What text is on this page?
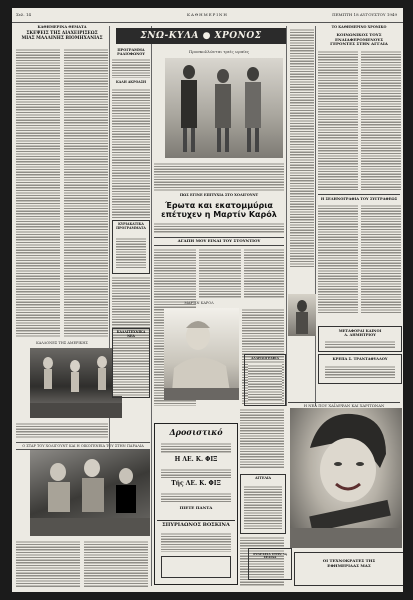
Σελ. 14	ΚΑΘΗΜΕΡΙΝΗ	ΠΕΜΠΤΗ 18 ΑΥΓΟΥΣΤΟΥ 1949
ΚΑΘΗΜΕΡΙΝΑ ΘΕΜΑΤΑ
ΣΚΕΨΕΙΣ ΤΗΣ ΔΙΑΧΕΙΡΙΣΕΩΣ
ΜΙΑΣ ΜΑΛΛΙΝΗΣ ΒΙΟΜΗΧΑΝΙΑΣ
ΚΑΛΛΟΝΕΣ ΤΗΣ ΑΜΕΡΙΚΗΣ
Ο ΣΤΑΡ ΤΟΥ ΧΟΛΙΓΟΥΝΤ ΚΑΙ Η ΟΙΚΟΓΕΝΕΙΑ ΤΟΥ ΣΤΗΝ ΠΑΡΑΛΙΑ
ΣΝΩ-ΚΥΛΑ ● ΧΡΟΝΟΣ
ΠΡΟΓΡΑΜΜΑ
ΡΑΔΙΟΦΩΝΟΥ
ΚΑΛΗ ΑΚΡΟΑΣΗ
ΚΥΡΙΑΚΑΤΙΚΑ ΠΡΟΓΡΑΜΜΑΤΑ
Προσκολλώνται τρείς ωραίες
ΠΩΣ ΕΓΙΝΕ ΕΠΙΤΥΧΙΑ ΣΤΟ ΧΟΛΙΓΟΥΝΤ
Έρωτα και εκατομμύρια
επέτυχεν η Μαρτίν Καρόλ
ΑΓΑΠΗ ΜΟΥ ΕΙΝΑΙ ΤΟΥ ΣΤΟΥΝΤΙΟΥ
ΜΑΡΤΙΝ ΚΑΡΟΛ
ΚΑΛΛΙΤΕΧΝΙΚΑ ΝΕΑ
Δροσιστικό
Η ΛΕ. Κ. ΦΙΞ
Τής ΛΕ. Κ. ΦΙΞ
ΠΙΕΤΕ ΠΑΝΤΑ
ΣΠΥΡΙΔΩΝΟΣ ΒΟΣΚΙΝΑ
ΑΓΓΕΛΙΑ
ΤΟ ΚΑΘΗΜΕΡΙΝΟ ΧΡΟΝΙΚΟ
ΚΟΙΝΩΝΙΚΟΣ ΤΟΥΣ ΕΝΔΙΑΦΕΡΟΜΕΝΟΥΣ
ΓΕΡΟΝΤΕΣ ΣΤΗΝ ΑΓΓΛΙΑ
Η ΣΕΛΗΝΟΓΡΑΦΙΑ ΤΟΥ ΣΥΓΓΡΑΦΕΩΣ
ΜΕΤΑΦΟΡΑΙ ΚΑΙΝΟΙ
Δ. ΔΗΜΗΤΡΙΟΥ
ΚΡΕΠΑ Σ. ΤΡΑΝΤΑΦΥΛΛΟΥ
ΑΛΛΗΛΟΓΡΑΦΙΑ
Η ΝΕΑ ΠΟΥ ΧΑΪΔΕΨΑΝ ΚΑΙ ΧΑΡΙΤΩΝΑΝ
ΣΥΝΕΧΕΙΑ ΣΤΗΝ 3η ΣΕΛΙΔΑ
ΟΙ ΤΕΧΝΟΚΡΑΤΕΣ ΤΗΣ
ΕΦΗΜΕΡΙΔΑΣ ΜΑΣ
